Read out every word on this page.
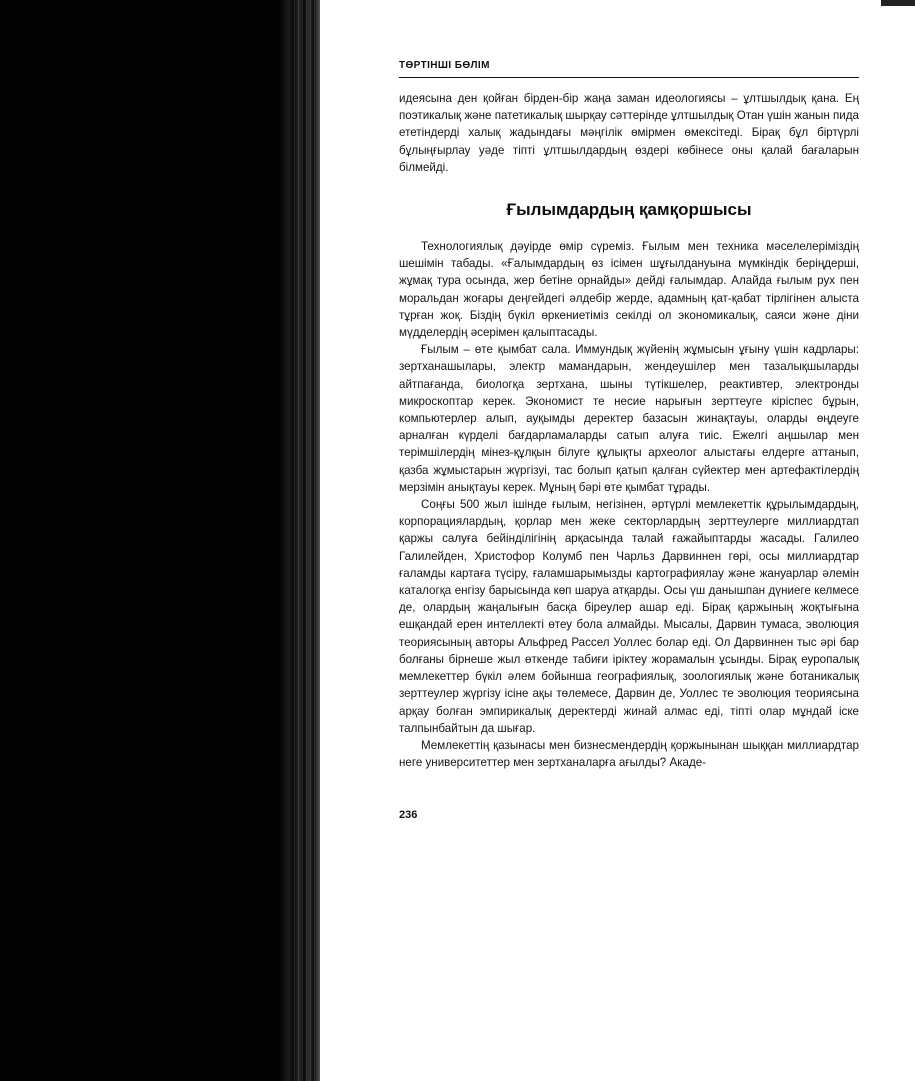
ТӨРТІНШІ БӨЛІМ

идеясына ден қойған бірден-бір жаңа заман идеологиясы – ұлтшылдық қана. Ең поэтикалық және патетикалық шырқау сәттерінде ұлтшылдық Отан үшін жанын пида ететіндерді халық жадындағы мәңгілік өмірмен өмексітеді. Бірақ бұл біртүрлі бұлыңғырлау уәде тіпті ұлтшылдардың өздері көбінесе оны қалай бағаларын білмейді.

Ғылымдардың қамқоршысы

Технологиялық дәуірде өмір сүреміз. Ғылым мен техника мәселелеріміздің шешімін табады. «Ғалымдардың өз ісімен шұғылдануына мүмкіндік беріңдерші, жұмақ тура осында, жер бетіне орнайды» дейді ғалымдар. Алайда ғылым рух пен моральдан жоғары деңгейдегі әлдебір жерде, адамның қат-қабат тірлігінен алыста тұрған жоқ. Біздің бүкіл өркениетіміз секілді ол экономикалық, саяси және діни мүдделердің әсерімен қалыптасады.

Ғылым – өте қымбат сала. Иммундық жүйенің жұмысын ұғыну үшін кадрлары: зертханашылары, электр мамандарын, жендеушілер мен тазалықшыларды айтпағанда, биологқа зертхана, шыны түтікшелер, реактивтер, электронды микроскоптар керек. Экономист те несие нарығын зерттеуге кіріспес бұрын, компьютерлер алып, ауқымды деректер базасын жинақтауы, оларды өңдеуге арналған күрделі бағдарламаларды сатып алуға тиіс. Ежелгі аңшылар мен терімшілердің мінез-құлқын білуге құлықты археолог алыстағы елдерге аттанып, қазба жұмыстарын жүргізуі, тас болып қатып қалған сүйектер мен артефактілердің мерзімін анықтауы керек. Мұның бәрі өте қымбат тұрады.

Соңғы 500 жыл ішінде ғылым, негізінен, әртүрлі мемлекеттік құрылымдардың, корпорациялардың, қорлар мен жеке секторлардың зерттеулерге миллиардтап қаржы салуға бейінділігінің арқасында талай ғажайыптарды жасады. Галилео Галилейден, Христофор Колумб пен Чарльз Дарвиннен гөрі, осы миллиардтар ғаламды картаға түсіру, ғаламшарымызды картографиялау және жануарлар әлемін каталогқа енгізу барысында көп шаруа атқарды. Осы үш данышпан дүниеге келмесе де, олардың жаңалығын басқа біреулер ашар еді. Бірақ қаржының жоқтығына ешқандай ерен интеллекті өтеу бола алмайды. Мысалы, Дарвин тумаса, эволюция теориясының авторы Альфред Рассел Уоллес болар еді. Ол Дарвиннен тыс әрі бар болғаны бірнеше жыл өткенде табиғи іріктеу жорамалын ұсынды. Бірақ еуропалық мемлекеттер бүкіл әлем бойынша географиялық, зоологиялық және ботаникалық зерттеулер жүргізу ісіне ақы төлемесе, Дарвин де, Уоллес те эволюция теориясына арқау болған эмпирикалық деректерді жинай алмас еді, тіпті олар мұндай іске талпынбайтын да шығар.

Мемлекеттің қазынасы мен бизнесмендердің қоржынынан шыққан миллиардтар неге университеттер мен зертханаларға ағылды? Акаде-

236
